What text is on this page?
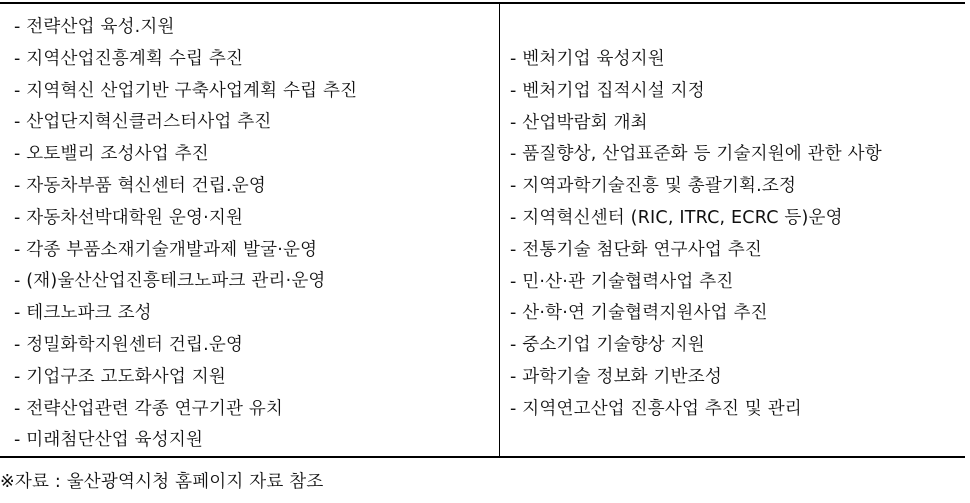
- 전략산업 육성.지원
- 지역산업진흥계획 수립 추진
- 지역혁신 산업기반 구축사업계획 수립 추진
- 산업단지혁신클러스터사업 추진
- 오토밸리 조성사업 추진
- 자동차부품 혁신센터 건립.운영
- 자동차선박대학원 운영·지원
- 각종 부품소재기술개발과제 발굴·운영
- (재)울산산업진흥테크노파크 관리·운영
- 테크노파크 조성
- 정밀화학지원센터 건립.운영
- 기업구조 고도화사업 지원
- 전략산업관련 각종 연구기관 유치
- 미래첨단산업 육성지원
- 벤처기업 육성지원
- 벤처기업 집적시설 지정
- 산업박람회 개최
- 품질향상, 산업표준화 등 기술지원에 관한 사항
- 지역과학기술진흥 및 총괄기획.조정
- 지역혁신센터 (RIC, ITRC, ECRC 등)운영
- 전통기술 첨단화 연구사업 추진
- 민·산·관 기술협력사업 추진
- 산·학·연 기술협력지원사업 추진
- 중소기업 기술향상 지원
- 과학기술 정보화 기반조성
- 지역연고산업 진흥사업 추진 및 관리
※자료 : 울산광역시청 홈페이지 자료 참조
